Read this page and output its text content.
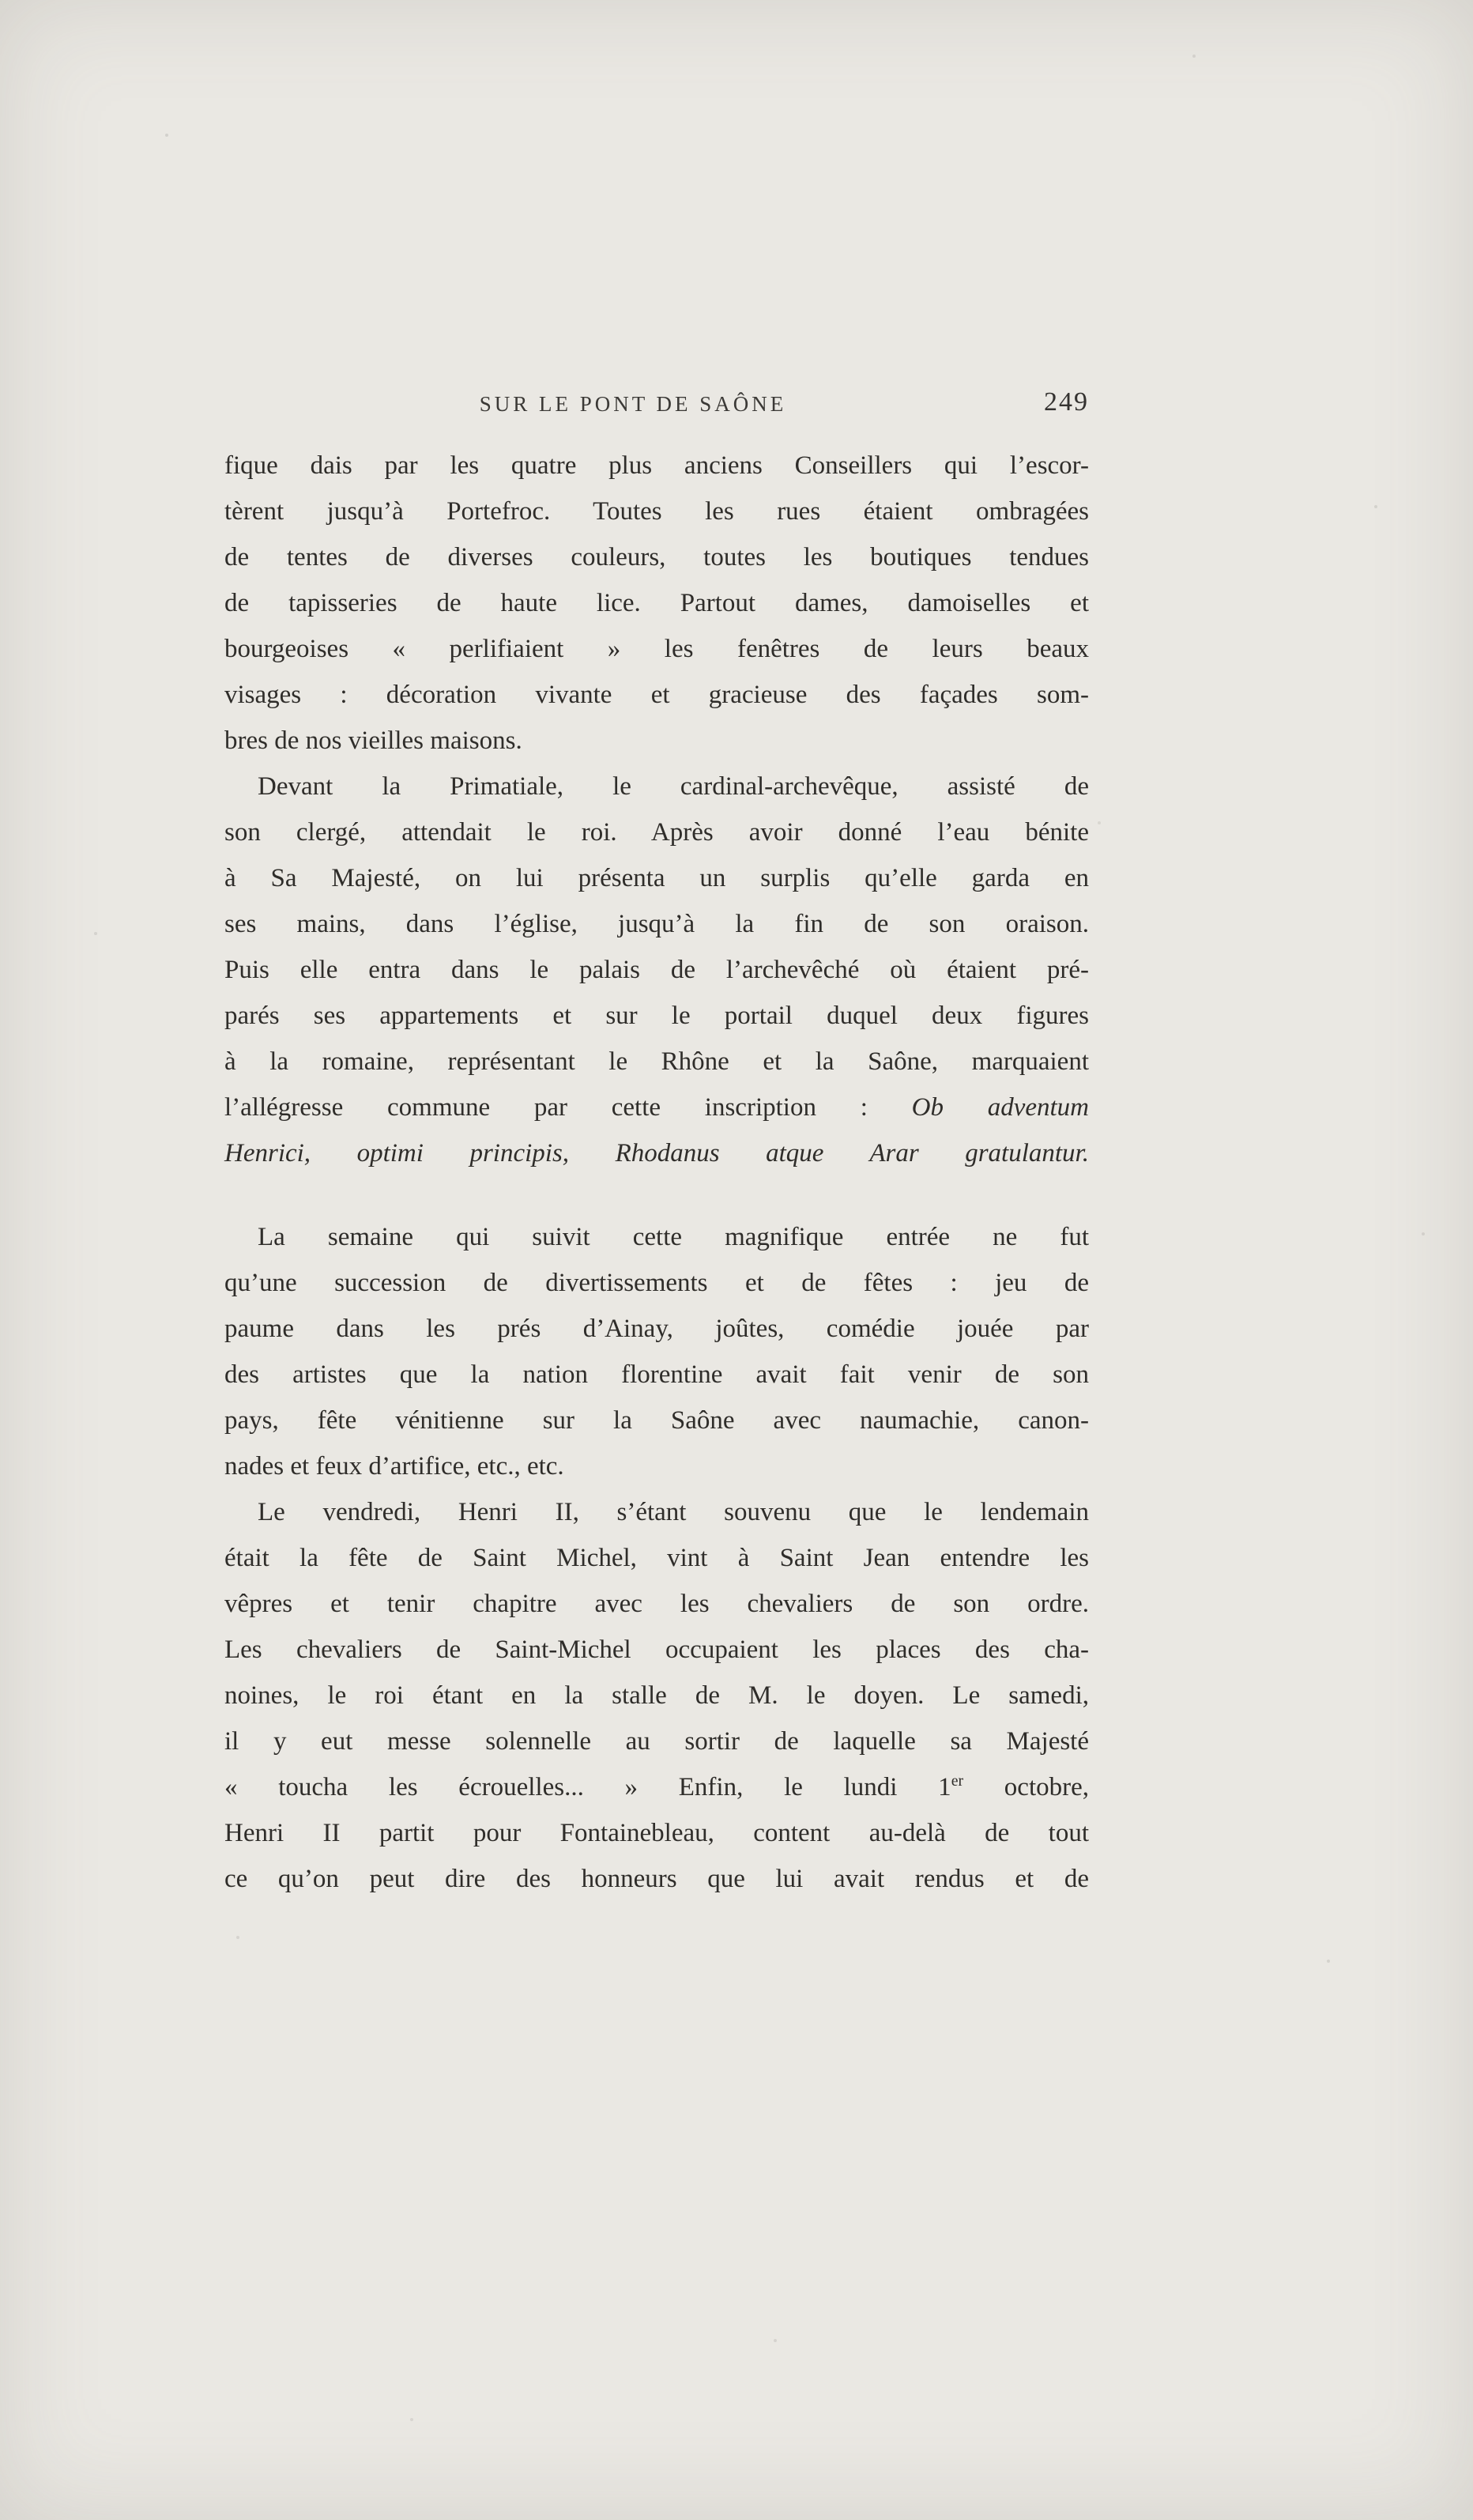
SUR LE PONT DE SAÔNE	249
fique dais par les quatre plus anciens Conseillers qui l’escor-
tèrent jusqu’à Portefroc. Toutes les rues étaient ombragées
de tentes de diverses couleurs, toutes les boutiques tendues
de tapisseries de haute lice. Partout dames, damoiselles et
bourgeoises « perlifiaient » les fenêtres de leurs beaux
visages : décoration vivante et gracieuse des façades som-
bres de nos vieilles maisons.
Devant la Primatiale, le cardinal-archevêque, assisté de
son clergé, attendait le roi. Après avoir donné l’eau bénite
à Sa Majesté, on lui présenta un surplis qu’elle garda en
ses mains, dans l’église, jusqu’à la fin de son oraison.
Puis elle entra dans le palais de l’archevêché où étaient pré-
parés ses appartements et sur le portail duquel deux figures
à la romaine, représentant le Rhône et la Saône, marquaient
l’allégresse commune par cette inscription : Ob adventum
Henrici, optimi principis, Rhodanus atque Arar gratulantur.
La semaine qui suivit cette magnifique entrée ne fut
qu’une succession de divertissements et de fêtes : jeu de
paume dans les prés d’Ainay, joûtes, comédie jouée par
des artistes que la nation florentine avait fait venir de son
pays, fête vénitienne sur la Saône avec naumachie, canon-
nades et feux d’artifice, etc., etc.
Le vendredi, Henri II, s’étant souvenu que le lendemain
était la fête de Saint Michel, vint à Saint Jean entendre les
vêpres et tenir chapitre avec les chevaliers de son ordre.
Les chevaliers de Saint-Michel occupaient les places des cha-
noines, le roi étant en la stalle de M. le doyen. Le samedi,
il y eut messe solennelle au sortir de laquelle sa Majesté
« toucha les écrouelles... » Enfin, le lundi 1er octobre,
Henri II partit pour Fontainebleau, content au-delà de tout
ce qu’on peut dire des honneurs que lui avait rendus et de
